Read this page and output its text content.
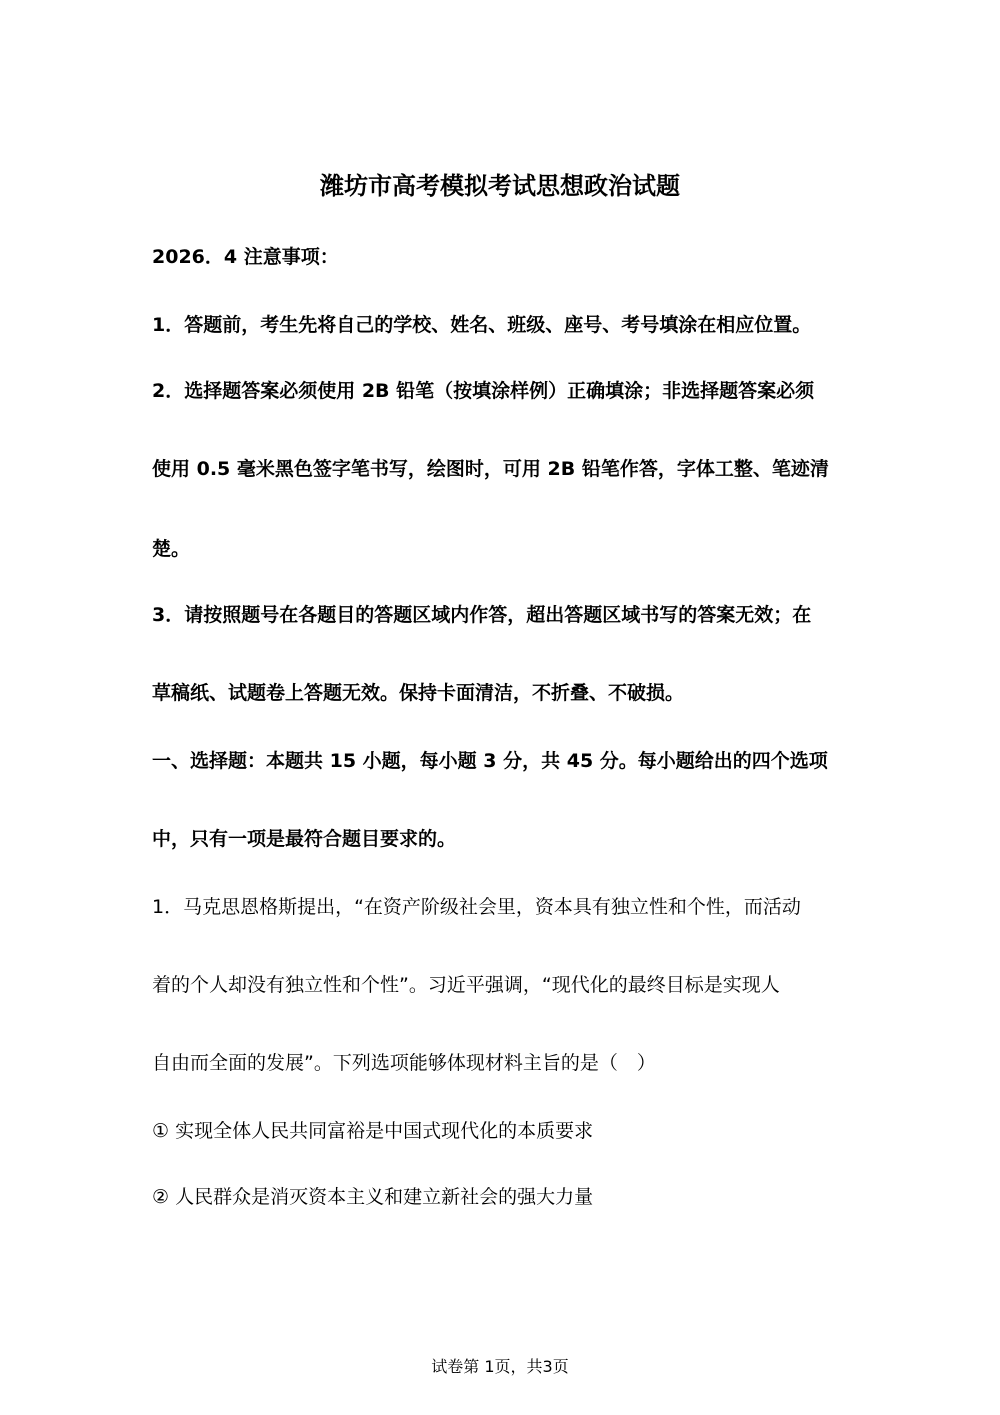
潍坊市高考模拟考试思想政治试题
2026．4 注意事项：
1．答题前，考生先将自己的学校、姓名、班级、座号、考号填涂在相应位置。
2．选择题答案必须使用 2B 铅笔（按填涂样例）正确填涂；非选择题答案必须
使用 0.5 毫米黑色签字笔书写，绘图时，可用 2B 铅笔作答，字体工整、笔迹清
楚。
3．请按照题号在各题目的答题区域内作答，超出答题区域书写的答案无效；在
草稿纸、试题卷上答题无效。保持卡面清洁，不折叠、不破损。
一、选择题：本题共 15 小题，每小题 3 分，共 45 分。每小题给出的四个选项
中，只有一项是最符合题目要求的。
1．马克思恩格斯提出，“在资产阶级社会里，资本具有独立性和个性，而活动
着的个人却没有独立性和个性”。习近平强调，“现代化的最终目标是实现人
自由而全面的发展”。下列选项能够体现材料主旨的是（　）
① 实现全体人民共同富裕是中国式现代化的本质要求
② 人民群众是消灭资本主义和建立新社会的强大力量
试卷第 1页，共3页
